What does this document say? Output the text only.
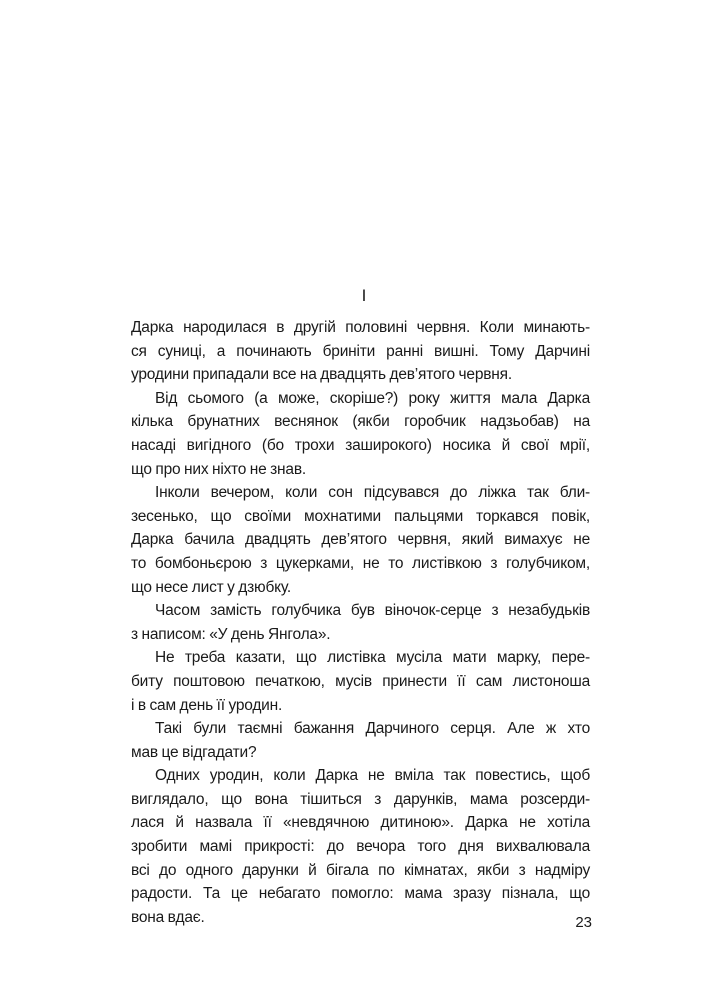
I

Дарка народилася в другій половині червня. Коли минають-
ся суниці, а починають бриніти ранні вишні. Тому Дарчині
уродини припадали все на двадцять дев’ятого червня.

Від сьомого (а може, скоріше?) року життя мала Дарка
кілька брунатних веснянок (якби горобчик надзьобав) на
насаді вигідного (бо трохи заширокого) носика й свої мрії,
що про них ніхто не знав.

Інколи вечером, коли сон підсувався до ліжка так бли-
зесенько, що своїми мохнатими пальцями торкався повік,
Дарка бачила двадцять дев’ятого червня, який вимахує не
то бомбоньєрою з цукерками, не то листівкою з голубчиком,
що несе лист у дзюбку.

Часом замість голубчика був віночок-серце з незабудьків
з написом: «У день Янгола».

Не треба казати, що листівка мусіла мати марку, пере-
биту поштовою печаткою, мусів принести її сам листоноша
і в сам день її уродин.

Такі були таємні бажання Дарчиного серця. Але ж хто
мав це відгадати?

Одних уродин, коли Дарка не вміла так повестись, щоб
виглядало, що вона тішиться з дарунків, мама розсерди-
лася й назвала її «невдячною дитиною». Дарка не хотіла
зробити мамі прикрості: до вечора того дня вихвалювала
всі до одного дарунки й бігала по кімнатах, якби з надміру
радости. Та це небагато помогло: мама зразу пізнала, що
вона вдає.	23
